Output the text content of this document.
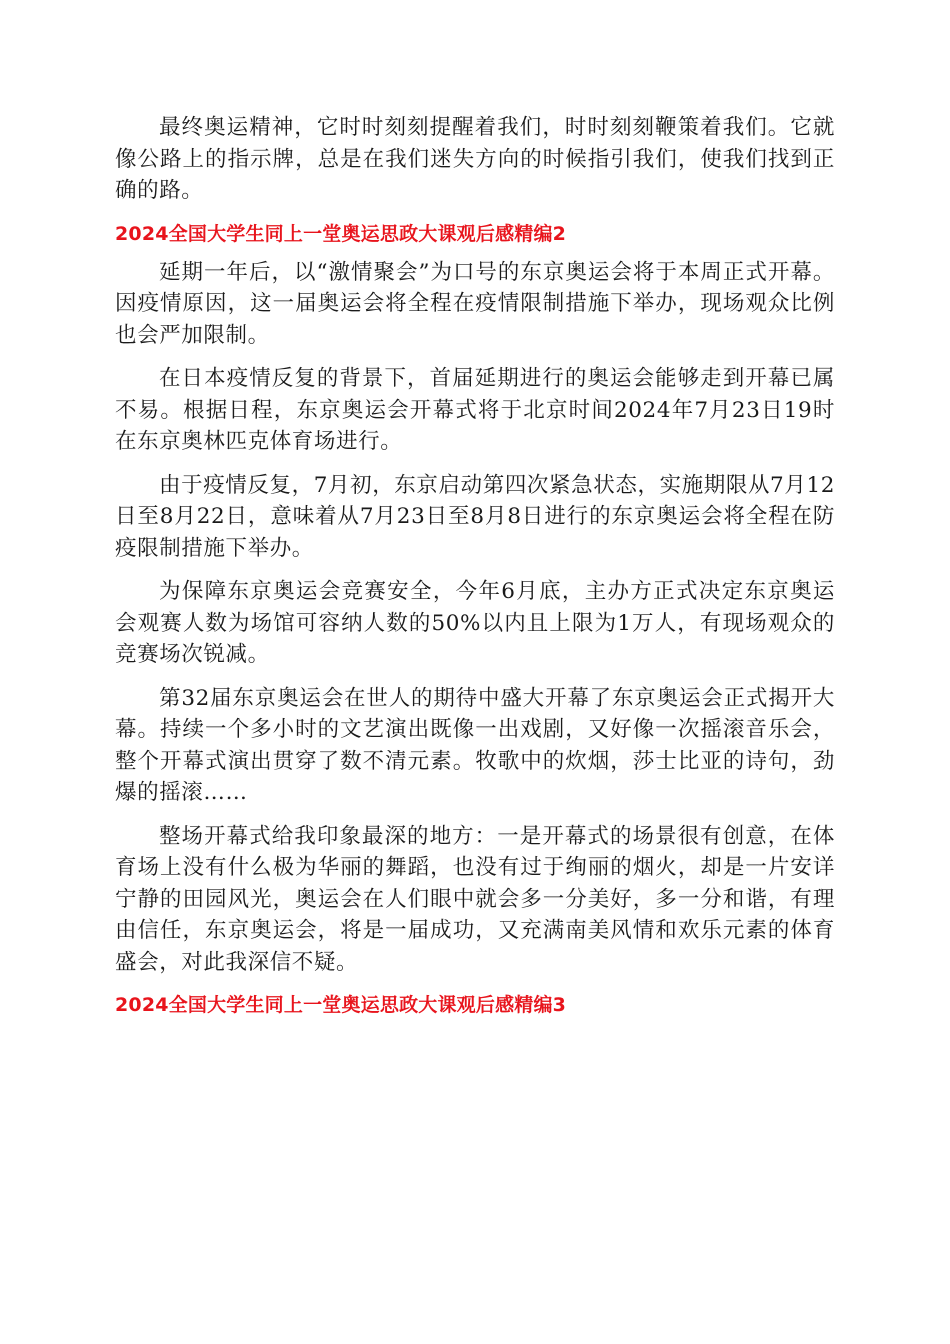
最终奥运精神，它时时刻刻提醒着我们，时时刻刻鞭策着我们。它就像公路上的指示牌，总是在我们迷失方向的时候指引我们，使我们找到正确的路。

2024全国大学生同上一堂奥运思政大课观后感精编2

延期一年后，以“激情聚会”为口号的东京奥运会将于本周正式开幕。因疫情原因，这一届奥运会将全程在疫情限制措施下举办，现场观众比例也会严加限制。

在日本疫情反复的背景下，首届延期进行的奥运会能够走到开幕已属不易。根据日程，东京奥运会开幕式将于北京时间2024年7月23日19时在东京奥林匹克体育场进行。

由于疫情反复，7月初，东京启动第四次紧急状态，实施期限从7月12日至8月22日，意味着从7月23日至8月8日进行的东京奥运会将全程在防疫限制措施下举办。

为保障东京奥运会竞赛安全，今年6月底，主办方正式决定东京奥运会观赛人数为场馆可容纳人数的50%以内且上限为1万人，有现场观众的竞赛场次锐减。

第32届东京奥运会在世人的期待中盛大开幕了东京奥运会正式揭开大幕。持续一个多小时的文艺演出既像一出戏剧，又好像一次摇滚音乐会，整个开幕式演出贯穿了数不清元素。牧歌中的炊烟，莎士比亚的诗句，劲爆的摇滚……

整场开幕式给我印象最深的地方：一是开幕式的场景很有创意，在体育场上没有什么极为华丽的舞蹈，也没有过于绚丽的烟火，却是一片安详宁静的田园风光，奥运会在人们眼中就会多一分美好，多一分和谐，有理由信任，东京奥运会，将是一届成功，又充满南美风情和欢乐元素的体育盛会，对此我深信不疑。

2024全国大学生同上一堂奥运思政大课观后感精编3
